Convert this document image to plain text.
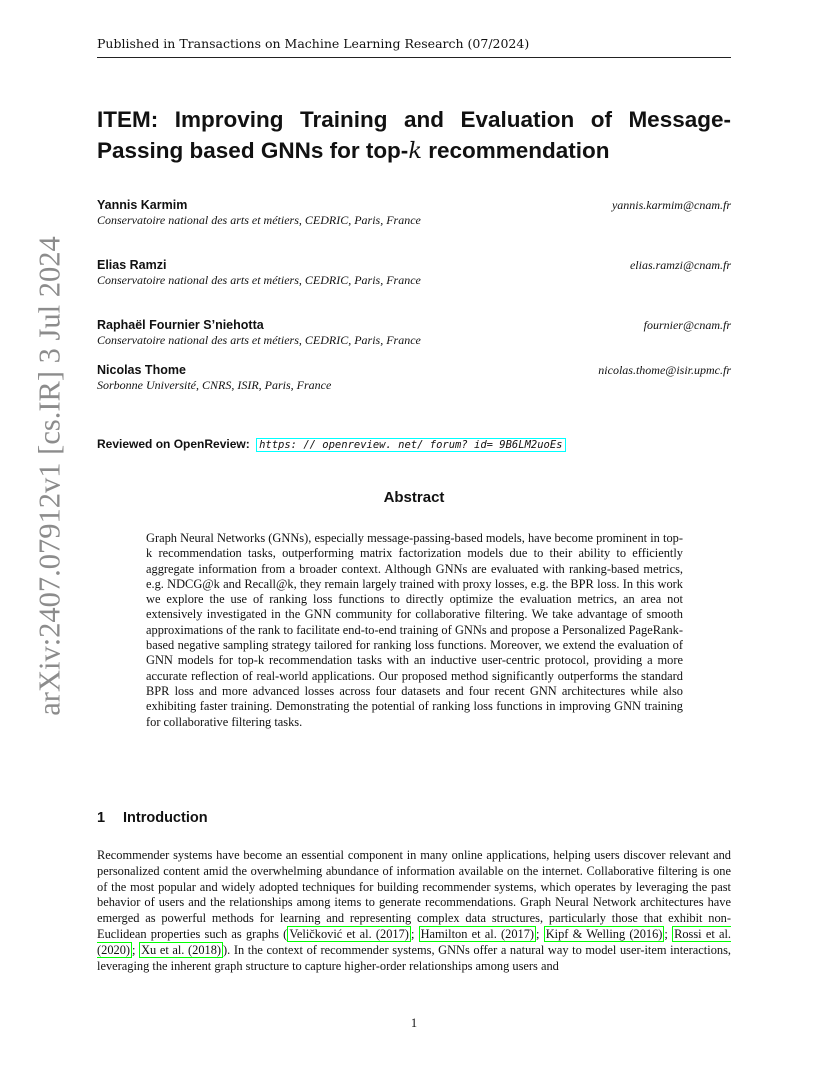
Published in Transactions on Machine Learning Research (07/2024)
arXiv:2407.07912v1 [cs.IR] 3 Jul 2024
ITEM: Improving Training and Evaluation of Message-Passing based GNNs for top-k recommendation
Yannis Karmim
Conservatoire national des arts et métiers, CEDRIC, Paris, France
yannis.karmim@cnam.fr
Elias Ramzi
Conservatoire national des arts et métiers, CEDRIC, Paris, France
elias.ramzi@cnam.fr
Raphaël Fournier S’niehotta
Conservatoire national des arts et métiers, CEDRIC, Paris, France
fournier@cnam.fr
Nicolas Thome
Sorbonne Université, CNRS, ISIR, Paris, France
nicolas.thome@isir.upmc.fr
Reviewed on OpenReview: https: // openreview. net/ forum? id= 9B6LM2uoEs
Abstract

Graph Neural Networks (GNNs), especially message-passing-based models, have become prominent in top-k recommendation tasks, outperforming matrix factorization models due to their ability to efficiently aggregate information from a broader context. Although GNNs are evaluated with ranking-based metrics, e.g. NDCG@k and Recall@k, they remain largely trained with proxy losses, e.g. the BPR loss. In this work we explore the use of ranking loss functions to directly optimize the evaluation metrics, an area not extensively investigated in the GNN community for collaborative filtering. We take advantage of smooth approximations of the rank to facilitate end-to-end training of GNNs and propose a Personalized PageRank-based negative sampling strategy tailored for ranking loss functions. Moreover, we extend the evaluation of GNN models for top-k recommendation tasks with an inductive user-centric protocol, providing a more accurate reflection of real-world applications. Our proposed method significantly outperforms the standard BPR loss and more advanced losses across four datasets and four recent GNN architectures while also exhibiting faster training. Demonstrating the potential of ranking loss functions in improving GNN training for collaborative filtering tasks.

1 Introduction

Recommender systems have become an essential component in many online applications, helping users discover relevant and personalized content amid the overwhelming abundance of information available on the internet. Collaborative filtering is one of the most popular and widely adopted techniques for building recommender systems, which operates by leveraging the past behavior of users and the relationships among items to generate recommendations. Graph Neural Network architectures have emerged as powerful methods for learning and representing complex data structures, particularly those that exhibit non-Euclidean properties such as graphs ( Veličković et al. (2017) ; Hamilton et al. (2017) ; Kipf & Welling (2016) ; Rossi et al. (2020) ; Xu et al. (2018) ). In the context of recommender systems, GNNs offer a natural way to model user-item interactions, leveraging the inherent graph structure to capture higher-order relationships among users and

1
